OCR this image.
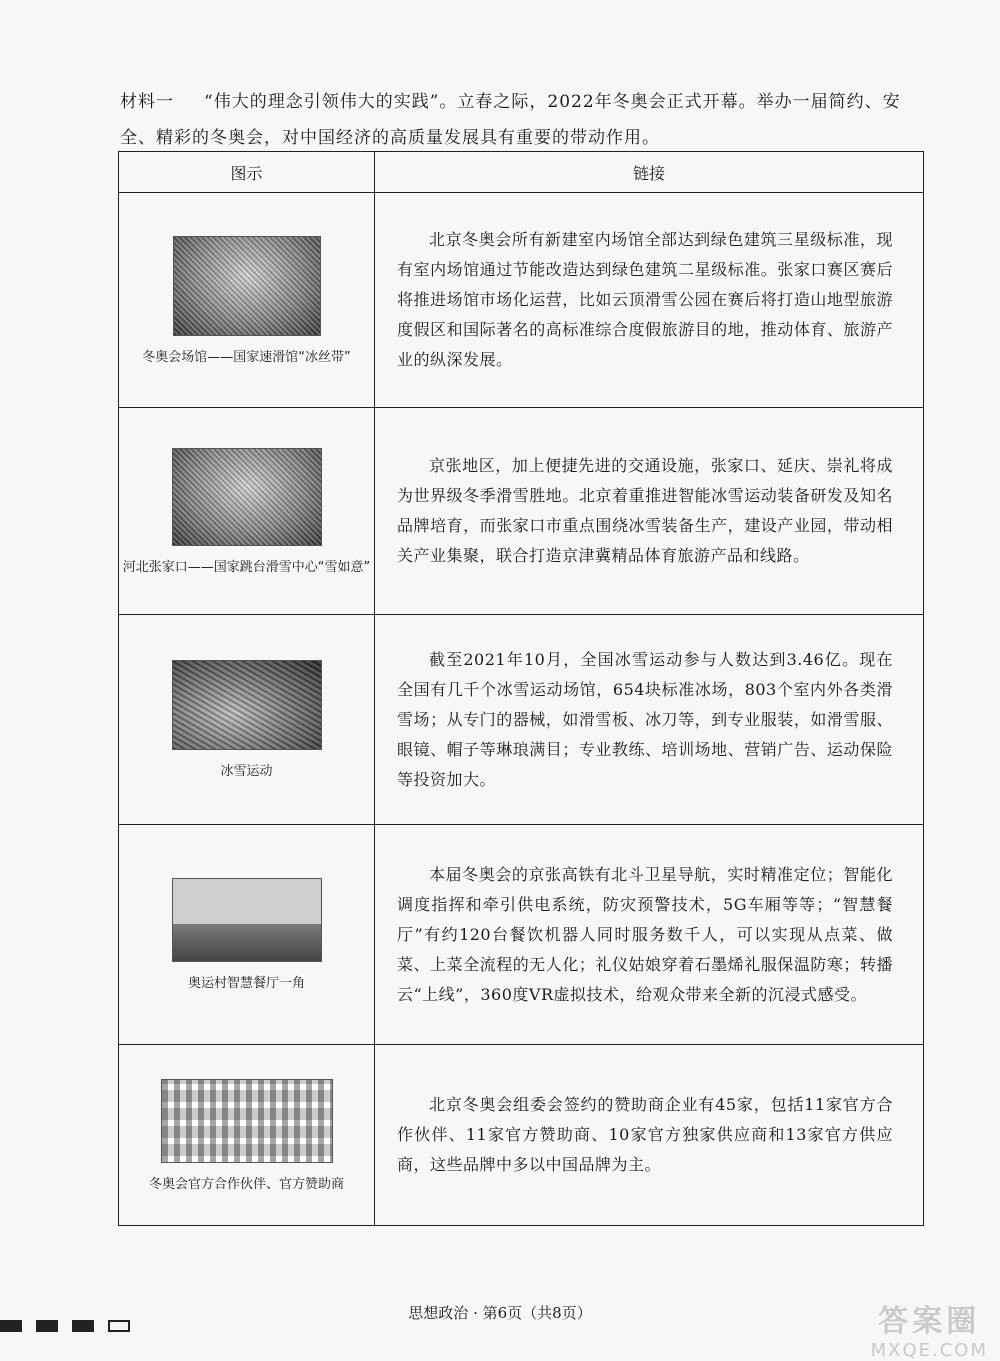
材料一 “伟大的理念引领伟大的实践”。立春之际，2022年冬奥会正式开幕。举办一届简约、安全、精彩的冬奥会，对中国经济的高质量发展具有重要的带动作用。
图示	链接

冬奥会场馆——国家速滑馆“冰丝带”	北京冬奥会所有新建室内场馆全部达到绿色建筑三星级标准，现有室内场馆通过节能改造达到绿色建筑二星级标准。张家口赛区赛后将推进场馆市场化运营，比如云顶滑雪公园在赛后将打造山地型旅游度假区和国际著名的高标准综合度假旅游目的地，推动体育、旅游产业的纵深发展。

河北张家口——国家跳台滑雪中心“雪如意”	京张地区，加上便捷先进的交通设施，张家口、延庆、崇礼将成为世界级冬季滑雪胜地。北京着重推进智能冰雪运动装备研发及知名品牌培育，而张家口市重点围绕冰雪装备生产，建设产业园，带动相关产业集聚，联合打造京津冀精品体育旅游产品和线路。

冰雪运动	截至2021年10月，全国冰雪运动参与人数达到3.46亿。现在全国有几千个冰雪运动场馆，654块标准冰场，803个室内外各类滑雪场；从专门的器械，如滑雪板、冰刀等，到专业服装，如滑雪服、眼镜、帽子等琳琅满目；专业教练、培训场地、营销广告、运动保险等投资加大。

奥运村智慧餐厅一角	本届冬奥会的京张高铁有北斗卫星导航，实时精准定位；智能化调度指挥和牵引供电系统，防灾预警技术，5G车厢等等；“智慧餐厅”有约120台餐饮机器人同时服务数千人，可以实现从点菜、做菜、上菜全流程的无人化；礼仪姑娘穿着石墨烯礼服保温防寒；转播云“上线”，360度VR虚拟技术，给观众带来全新的沉浸式感受。

冬奥会官方合作伙伴、官方赞助商	北京冬奥会组委会签约的赞助商企业有45家，包括11家官方合作伙伴、11家官方赞助商、10家官方独家供应商和13家官方供应商，这些品牌中多以中国品牌为主。
思想政治 · 第6页（共8页）	答案圈
MXQE.COM
